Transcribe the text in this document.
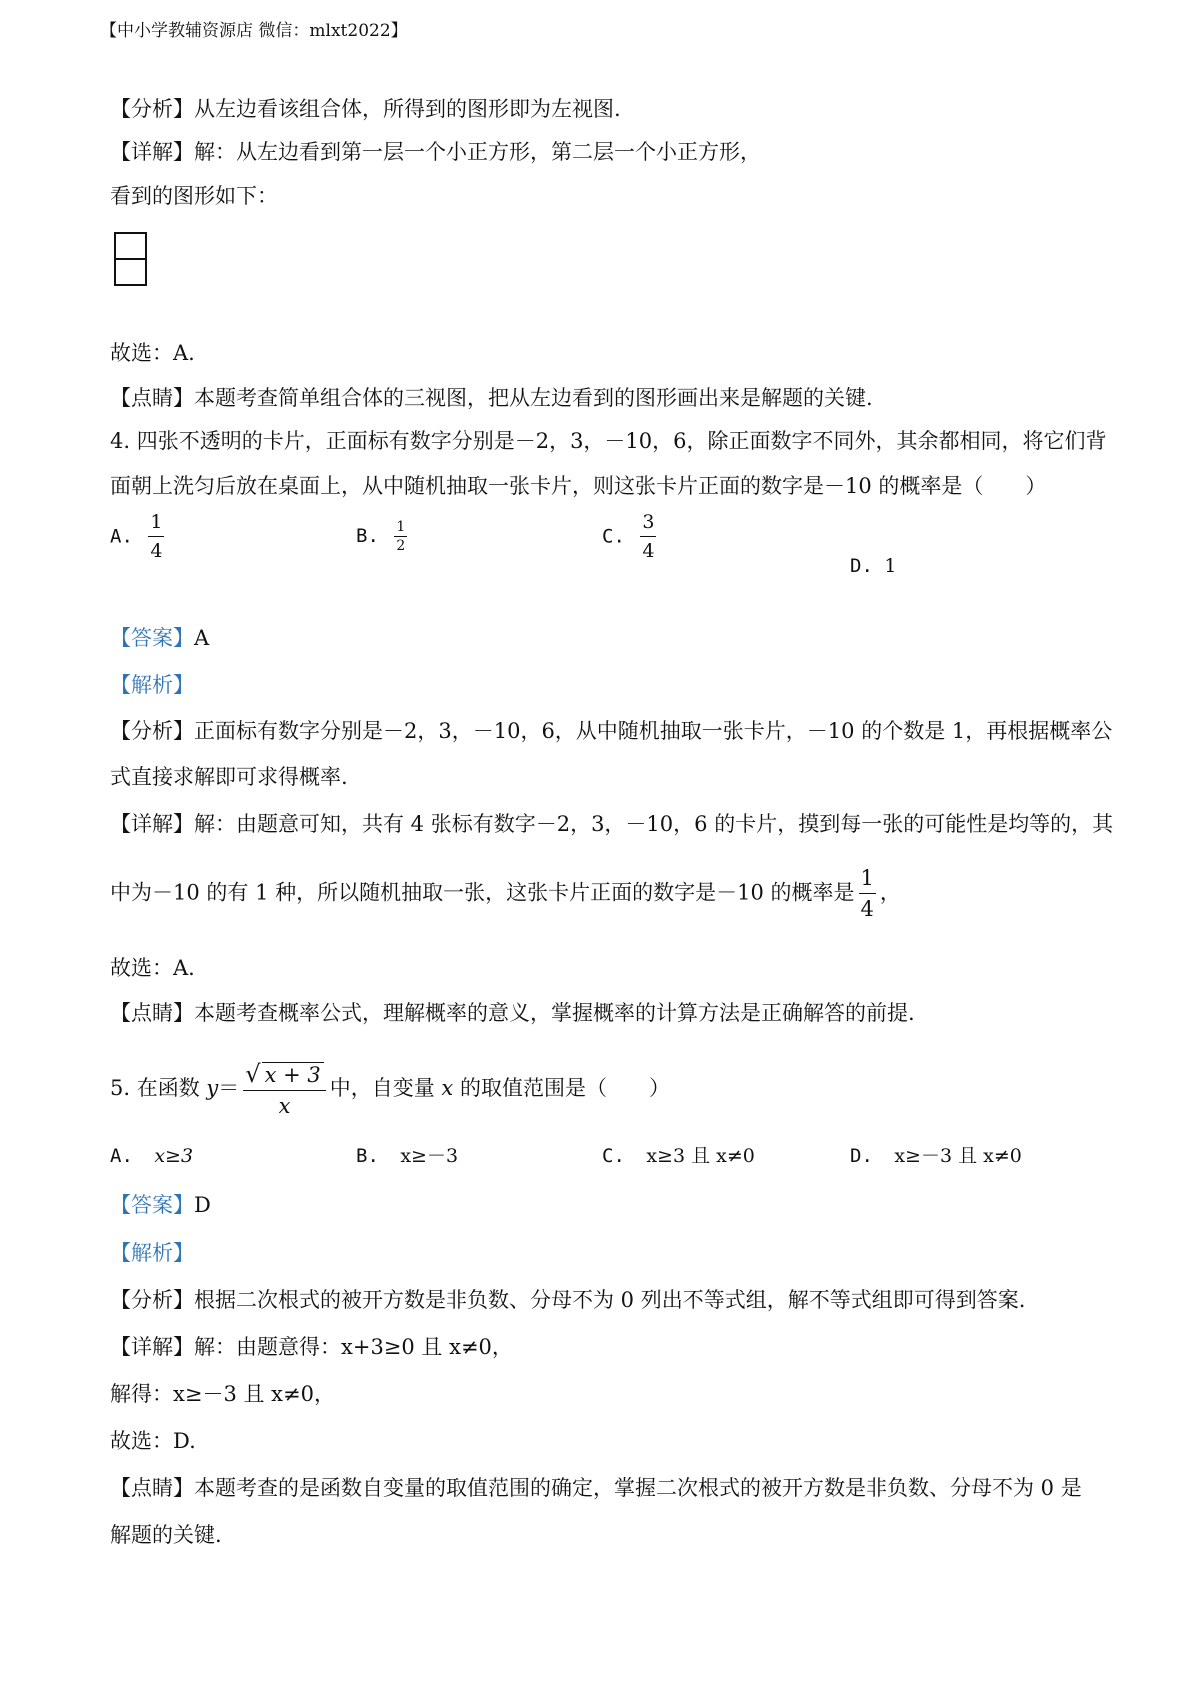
【中小学教辅资源店 微信：mlxt2022】
【分析】从左边看该组合体，所得到的图形即为左视图.
【详解】解：从左边看到第一层一个小正方形，第二层一个小正方形，
看到的图形如下：
故选：A.
【点睛】本题考查简单组合体的三视图，把从左边看到的图形画出来是解题的关键.
4. 四张不透明的卡片，正面标有数字分别是－2，3，－10，6，除正面数字不同外，其余都相同，将它们背
面朝上洗匀后放在桌面上，从中随机抽取一张卡片，则这张卡片正面的数字是－10 的概率是（　　）
A. $\frac{1}{4}$	B. $\frac{1}{2}$	C. $\frac{3}{4}$
D. 1
【答案】A
【解析】
【分析】正面标有数字分别是－2，3，－10，6，从中随机抽取一张卡片，－10 的个数是 1，再根据概率公
式直接求解即可求得概率.
【详解】解：由题意可知，共有 4 张标有数字－2，3，－10，6 的卡片，摸到每一张的可能性是均等的，其
中为－10 的有 1 种，所以随机抽取一张，这张卡片正面的数字是－10 的概率是 $\frac{1}{4}$ ，
故选：A.
【点睛】本题考查概率公式，理解概率的意义，掌握概率的计算方法是正确解答的前提.
5. 在函数 $y= \frac{√ x + 3}{x}$ 中，自变量 x 的取值范围是（　　）
A. x≥3	B. x≥－3	C. x≥3 且 x≠0	D. x≥－3 且 x≠0
【答案】D
【解析】
【分析】根据二次根式的被开方数是非负数、分母不为 0 列出不等式组，解不等式组即可得到答案.
【详解】解：由题意得：x+3≥0 且 x≠0，
解得：x≥－3 且 x≠0，
故选：D.
【点睛】本题考查的是函数自变量的取值范围的确定，掌握二次根式的被开方数是非负数、分母不为 0 是
解题的关键.
